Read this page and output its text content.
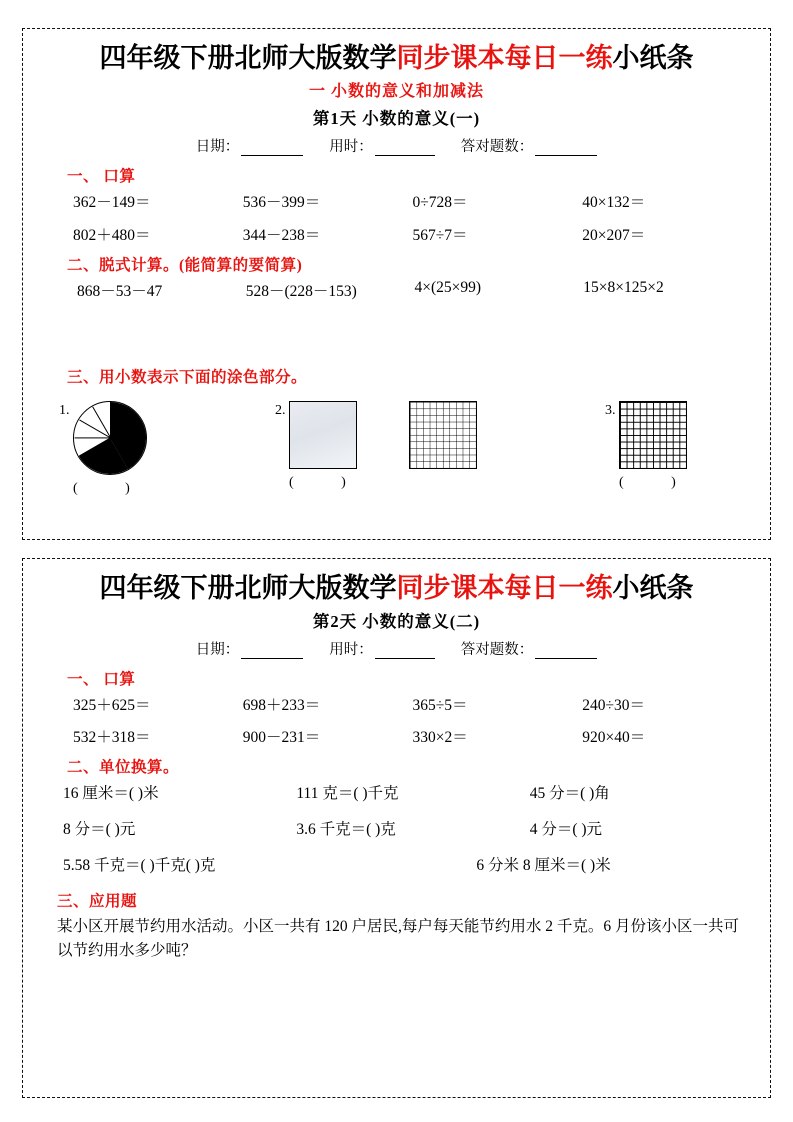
四年级下册北师大版数学同步课本每日一练小纸条
一 小数的意义和加减法
第1天 小数的意义(一)
日期：	用时：	答对题数：
一、 口算
362－149＝	536－399＝	0÷728＝	40×132＝
802＋480＝	344－238＝	567÷7＝	20×207＝
二、脱式计算。(能简算的要简算)
868－53－47	528－(228－153)	4×(25×99)	15×8×125×2
三、用小数表示下面的涂色部分。
1.
( )
2.
( )
3.
( )
四年级下册北师大版数学同步课本每日一练小纸条
第2天 小数的意义(二)
日期：	用时：	答对题数：
一、 口算
325＋625＝	698＋233＝	365÷5＝	240÷30＝
532＋318＝	900－231＝	330×2＝	920×40＝
二、单位换算。
16 厘米＝( )米	111 克＝( )千克	45 分＝( )角
8 分＝( )元	3.6 千克＝( )克	4 分＝( )元
5.58 千克＝( )千克( )克	6 分米 8 厘米＝( )米
三、应用题
某小区开展节约用水活动。小区一共有 120 户居民,每户每天能节约用水 2 千克。6 月份该小区一共可以节约用水多少吨？
